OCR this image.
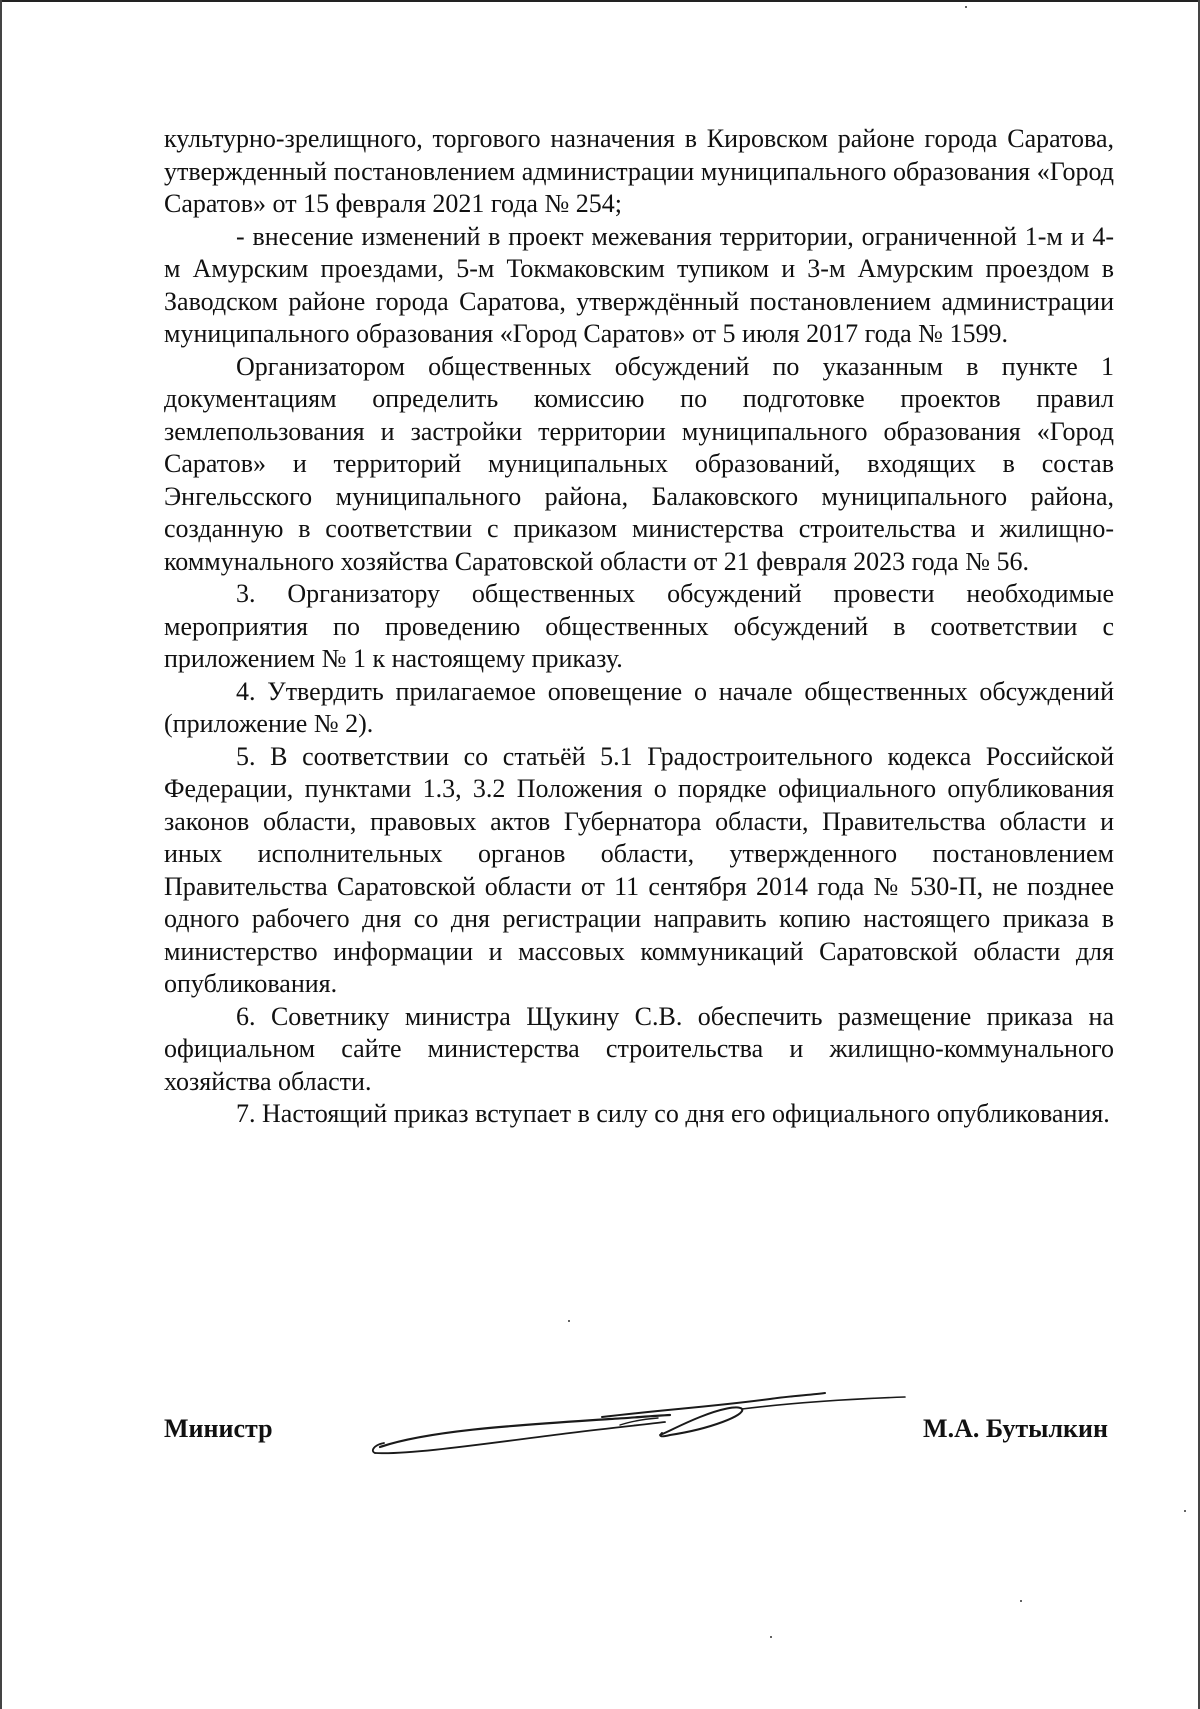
культурно-зрелищного, торгового назначения в Кировском районе города Саратова, утвержденный постановлением администрации муниципального образования «Город Саратов» от 15 февраля 2021 года № 254;

- внесение изменений в проект межевания территории, ограниченной 1-м и 4-м Амурским проездами, 5-м Токмаковским тупиком и 3-м Амурским проездом в Заводском районе города Саратова, утверждённый постановлением администрации муниципального образования «Город Саратов» от 5 июля 2017 года № 1599.

Организатором общественных обсуждений по указанным в пункте 1 документациям определить комиссию по подготовке проектов правил землепользования и застройки территории муниципального образования «Город Саратов» и территорий муниципальных образований, входящих в состав Энгельсского муниципального района, Балаковского муниципального района, созданную в соответствии с приказом министерства строительства и жилищно-коммунального хозяйства Саратовской области от 21 февраля 2023 года № 56.

3. Организатору общественных обсуждений провести необходимые мероприятия по проведению общественных обсуждений в соответствии с приложением № 1 к настоящему приказу.

4. Утвердить прилагаемое оповещение о начале общественных обсуждений (приложение № 2).

5. В соответствии со статьёй 5.1 Градостроительного кодекса Российской Федерации, пунктами 1.3, 3.2 Положения о порядке официального опубликования законов области, правовых актов Губернатора области, Правительства области и иных исполнительных органов области, утвержденного постановлением Правительства Саратовской области от 11 сентября 2014 года № 530-П, не позднее одного рабочего дня со дня регистрации направить копию настоящего приказа в министерство информации и массовых коммуникаций Саратовской области для опубликования.

6. Советнику министра Щукину С.В. обеспечить размещение приказа на официальном сайте министерства строительства и жилищно-коммунального хозяйства области.

7. Настоящий приказ вступает в силу со дня его официального опубликования.

Министр	М.А. Бутылкин
